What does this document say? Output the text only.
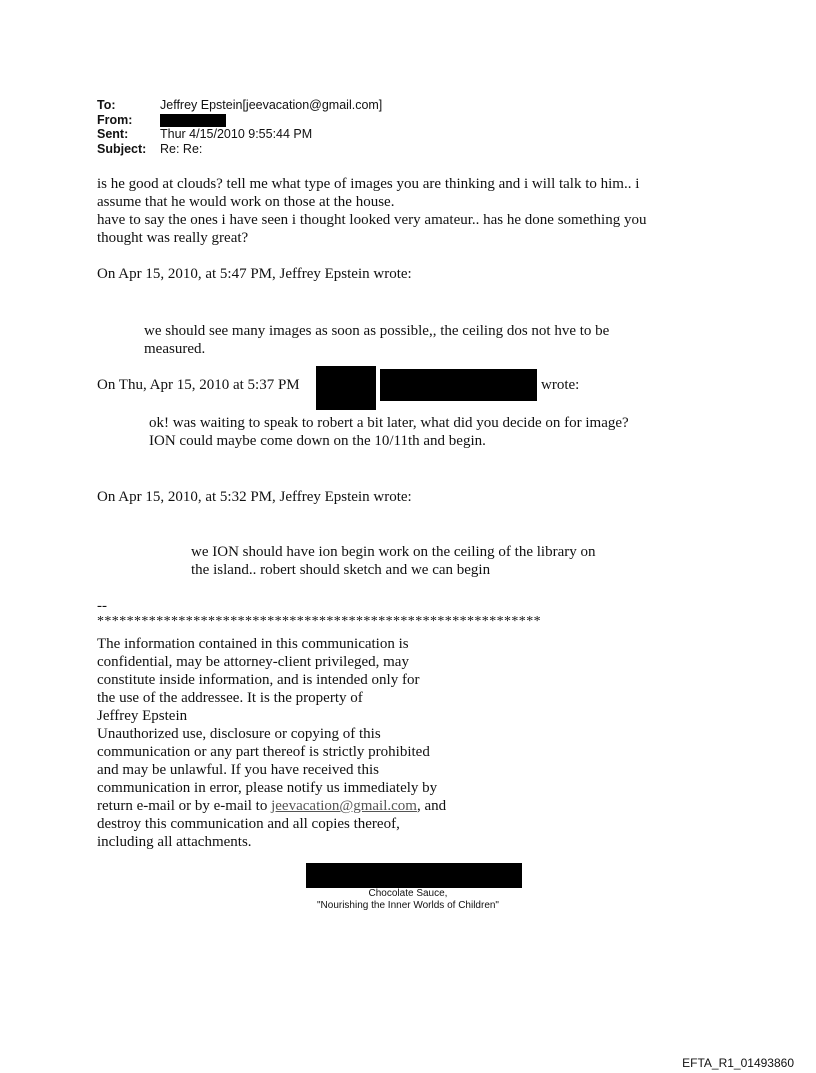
To:	Jeffrey Epstein[jeevacation@gmail.com]
From:
Sent:	Thur 4/15/2010 9:55:44 PM
Subject:	Re: Re:
is he good at clouds? tell me what type of images you are thinking and i will talk to him.. i
assume that he would work on those at the house.
have to say the ones i have seen i thought looked very amateur.. has he done something you
thought was really great?
On Apr 15, 2010, at 5:47 PM, Jeffrey Epstein wrote:
we should see many images as soon as possible,, the ceiling dos not hve to be
measured.
On Thu, Apr 15, 2010 at 5:37 PM	wrote:
ok! was waiting to speak to robert a bit later, what did you decide on for image?
ION could maybe come down on the 10/11th and begin.
On Apr 15, 2010, at 5:32 PM, Jeffrey Epstein wrote:
we ION should have ion begin work on the ceiling of the library on
the island.. robert should sketch and we can begin
--
************************************************************
The information contained in this communication is
confidential, may be attorney-client privileged, may
constitute inside information, and is intended only for
the use of the addressee. It is the property of
Jeffrey Epstein
Unauthorized use, disclosure or copying of this
communication or any part thereof is strictly prohibited
and may be unlawful. If you have received this
communication in error, please notify us immediately by
return e-mail or by e-mail to jeevacation@gmail.com, and
destroy this communication and all copies thereof,
including all attachments.
Chocolate Sauce,
"Nourishing the Inner Worlds of Children"
EFTA_R1_01493860
